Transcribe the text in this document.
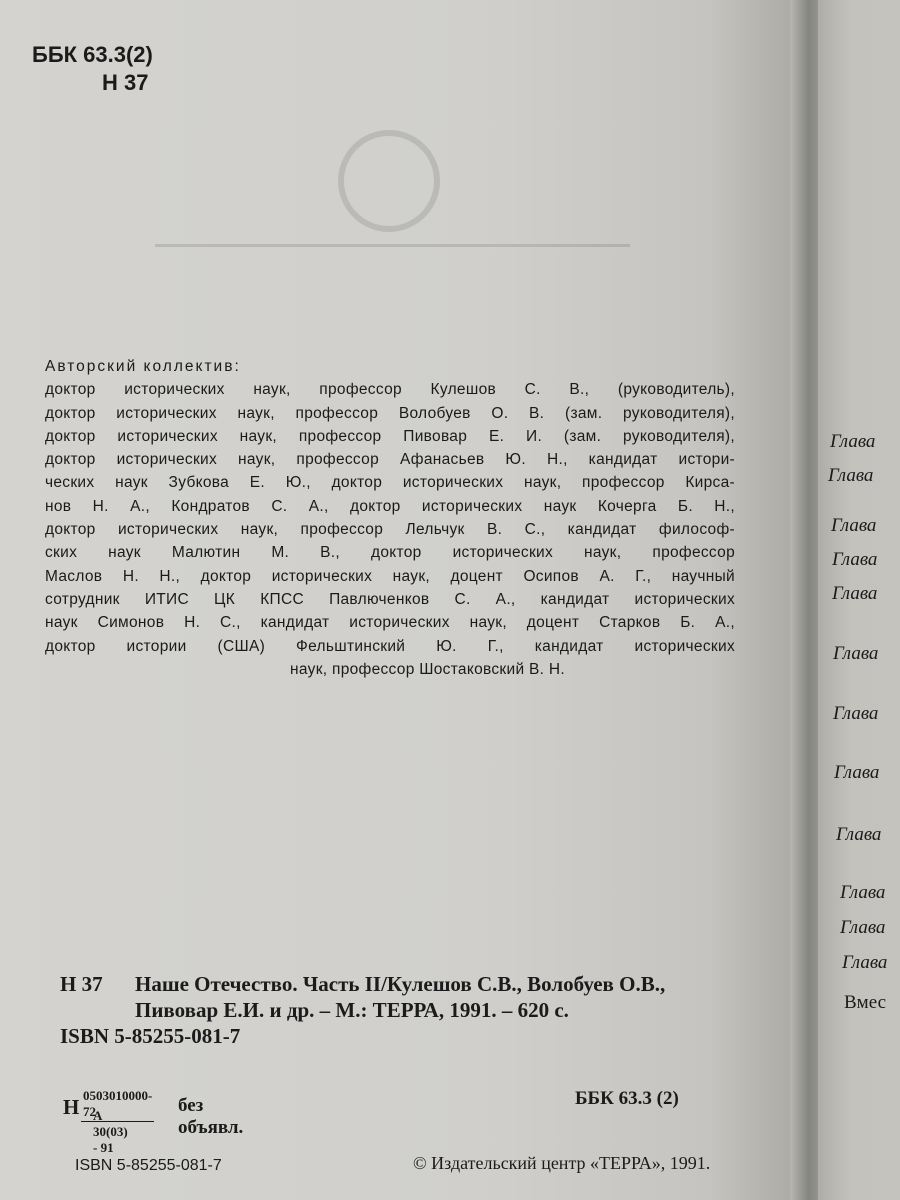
ББК 63.3(2)
Н 37
Авторский коллектив:
доктор исторических наук, профессор Кулешов С. В., (руководитель),
доктор исторических наук, профессор Волобуев О. В. (зам. руководителя),
доктор исторических наук, профессор Пивовар Е. И. (зам. руководителя),
доктор исторических наук, профессор Афанасьев Ю. Н., кандидат истори-
ческих наук Зубкова Е. Ю., доктор исторических наук, профессор Кирса-
нов Н. А., Кондратов С. А., доктор исторических наук Кочерга Б. Н.,
доктор исторических наук, профессор Лельчук В. С., кандидат философ-
ских наук Малютин М. В., доктор исторических наук, профессор
Маслов Н. Н., доктор исторических наук, доцент Осипов А. Г., научный
сотрудник ИТИС ЦК КПСС Павлюченков С. А., кандидат исторических
наук Симонов Н. С., кандидат исторических наук, доцент Старков Б. А.,
доктор истории (США) Фельштинский Ю. Г., кандидат исторических
наук, профессор Шостаковский В. Н.
Н 37 Наше Отечество. Часть II/Кулешов С.В., Волобуев О.В.,
Пивовар Е.И. и др. – М.: ТЕРРА, 1991. – 620 с.
ISBN 5-85255-081-7
Н 0503010000-72
А 30(03) - 91
без объявл.
ББК 63.3 (2)
ISBN 5-85255-081-7	© Издательский центр «ТЕРРА», 1991.
Глава
Глава
Глава
Глава
Глава
Глава
Глава
Глава
Глава
Глава
Глава
Глава
Вмес
